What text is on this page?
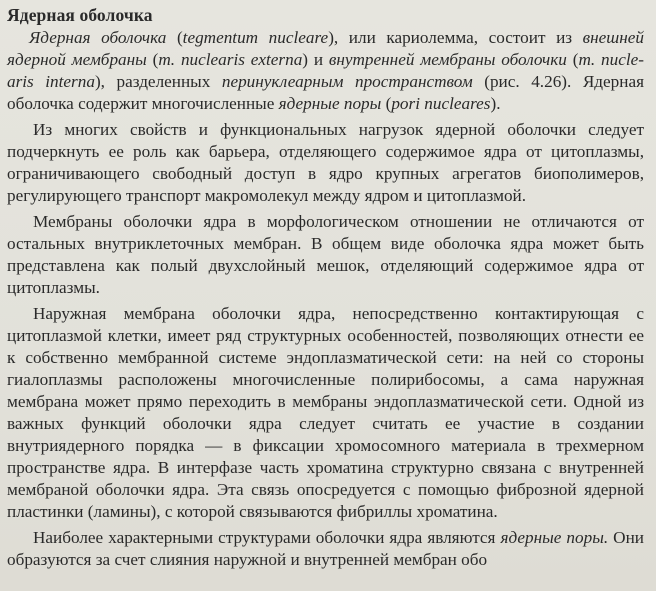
Ядерная оболочка

Ядерная оболочка (tegmentum nucleare), или кариолемма, состоит из внешней ядерной мембраны (m. nuclearis externa) и внутренней мембраны оболочки (m. nuclearis interna), разделенных перинуклеарным пространством (рис. 4.26). Ядерная оболочка содержит многочисленные ядерные поры (pori nucleares).

Из многих свойств и функциональных нагрузок ядерной оболочки следует подчеркнуть ее роль как барьера, отделяющего содержимое ядра от цитоплазмы, ограничивающего свободный доступ в ядро крупных агрегатов биополимеров, регулирующего транспорт макромолекул между ядром и цитоплазмой.

Мембраны оболочки ядра в морфологическом отношении не отличаются от остальных внутриклеточных мембран. В общем виде оболочка ядра может быть представлена как полый двухслойный мешок, отделяющий содержимое ядра от цитоплазмы.

Наружная мембрана оболочки ядра, непосредственно контактирующая с цитоплазмой клетки, имеет ряд структурных особенностей, позволяющих отнести ее к собственно мембранной системе эндоплазматической сети: на ней со стороны гиалоплазмы расположены многочисленные полирибосомы, а сама наружная мембрана может прямо переходить в мембраны эндоплазматической сети. Одной из важных функций оболочки ядра следует считать ее участие в создании внутриядерного порядка — в фиксации хромосомного материала в трехмерном пространстве ядра. В интерфазе часть хроматина структурно связана с внутренней мембраной оболочки ядра. Эта связь опосредуется с помощью фиброзной ядерной пластинки (ламины), с которой связываются фибриллы хроматина.

Наиболее характерными структурами оболочки ядра являются ядерные поры. Они образуются за счет слияния наружной и внутренней мембран обо
